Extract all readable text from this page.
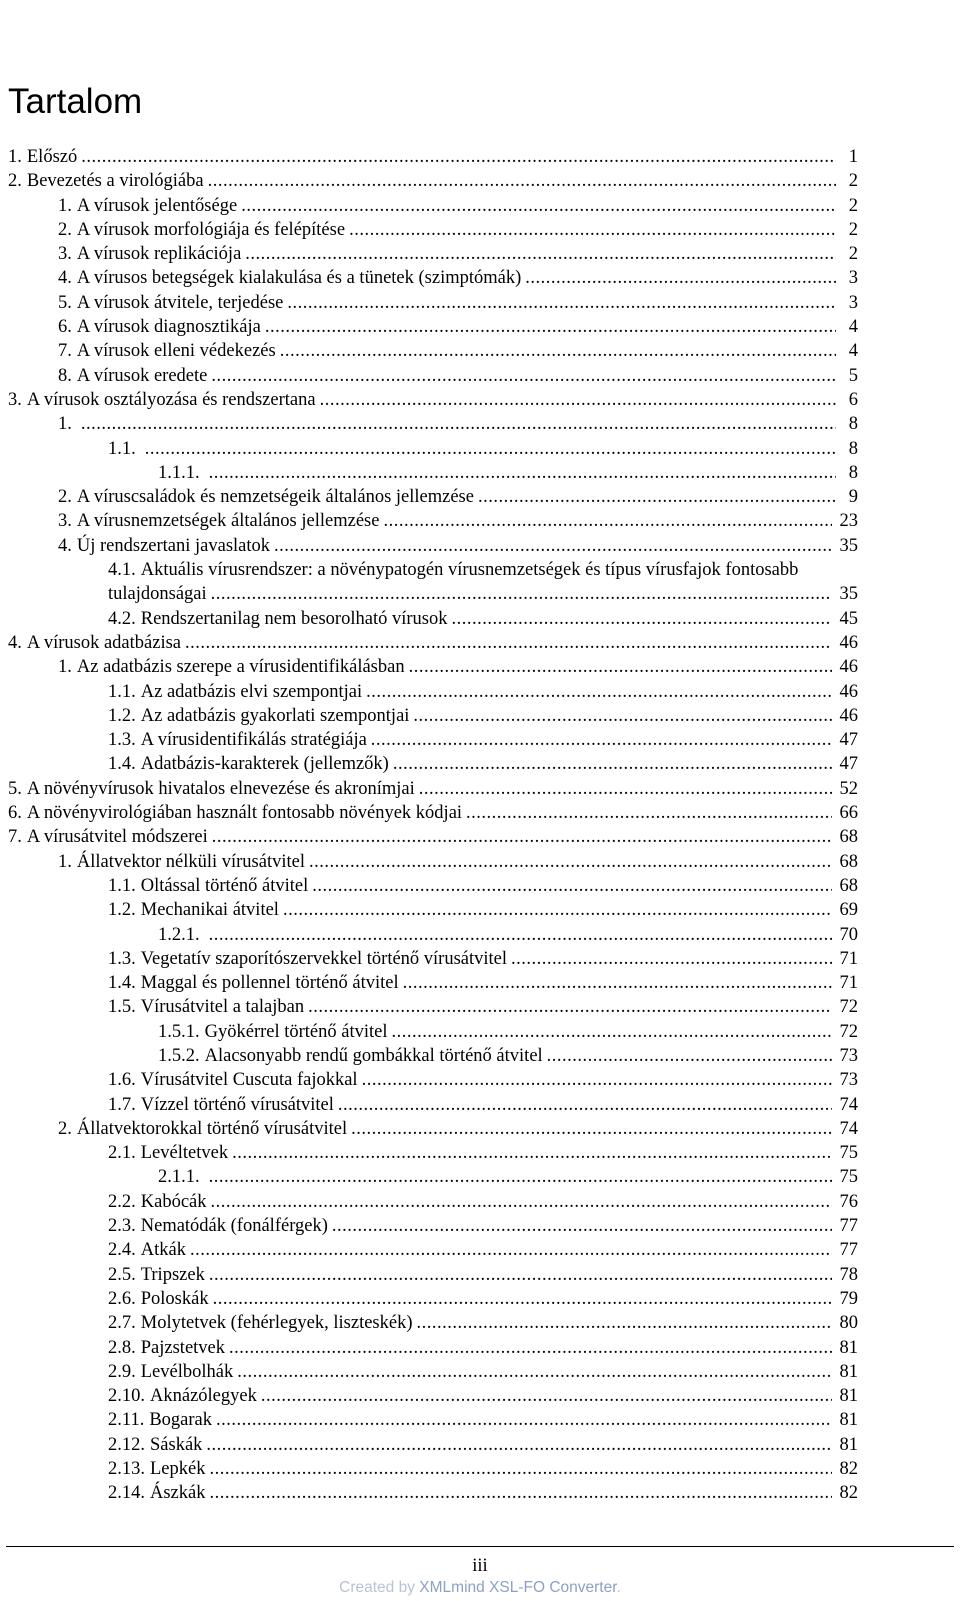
Tartalom
1. Előszó .....	1
2. Bevezetés a virológiába .....	2
1. A vírusok jelentősége .....	2
2. A vírusok morfológiája és felépítése .....	2
3. A vírusok replikációja .....	2
4. A vírusos betegségek kialakulása és a tünetek (szimptómák) .....	3
5. A vírusok átvitele, terjedése .....	3
6. A vírusok diagnosztikája .....	4
7. A vírusok elleni védekezés .....	4
8. A vírusok eredete .....	5
3. A vírusok osztályozása és rendszertana .....	6
1. .....	8
1.1. .....	8
1.1.1. .....	8
2. A víruscsaládok és nemzetségeik általános jellemzése .....	9
3. A vírusnemzetségek általános jellemzése .....	23
4. Új rendszertani javaslatok .....	35
4.1. Aktuális vírusrendszer: a növénypatogén vírusnemzetségek és típus vírusfajok fontosabb
tulajdonságai .....	35
4.2. Rendszertanilag nem besorolható vírusok .....	45
4. A vírusok adatbázisa .....	46
1. Az adatbázis szerepe a vírusidentifikálásban .....	46
1.1. Az adatbázis elvi szempontjai .....	46
1.2. Az adatbázis gyakorlati szempontjai .....	46
1.3. A vírusidentifikálás stratégiája .....	47
1.4. Adatbázis-karakterek (jellemzők) .....	47
5. A növényvírusok hivatalos elnevezése és akronímjai .....	52
6. A növényvirológiában használt fontosabb növények kódjai .....	66
7. A vírusátvitel módszerei .....	68
1. Állatvektor nélküli vírusátvitel .....	68
1.1. Oltással történő átvitel .....	68
1.2. Mechanikai átvitel .....	69
1.2.1. .....	70
1.3. Vegetatív szaporítószervekkel történő vírusátvitel .....	71
1.4. Maggal és pollennel történő átvitel .....	71
1.5. Vírusátvitel a talajban .....	72
1.5.1. Gyökérrel történő átvitel .....	72
1.5.2. Alacsonyabb rendű gombákkal történő átvitel .....	73
1.6. Vírusátvitel Cuscuta fajokkal .....	73
1.7. Vízzel történő vírusátvitel .....	74
2. Állatvektorokkal történő vírusátvitel .....	74
2.1. Levéltetvek .....	75
2.1.1. .....	75
2.2. Kabócák .....	76
2.3. Nematódák (fonálférgek) .....	77
2.4. Atkák .....	77
2.5. Tripszek .....	78
2.6. Poloskák .....	79
2.7. Molytetvek (fehérlegyek, liszteskék) .....	80
2.8. Pajzstetvek .....	81
2.9. Levélbolhák .....	81
2.10. Aknázólegyek .....	81
2.11. Bogarak .....	81
2.12. Sáskák .....	81
2.13. Lepkék .....	82
2.14. Ászkák .....	82
iii
Created by XMLmind XSL-FO Converter.
